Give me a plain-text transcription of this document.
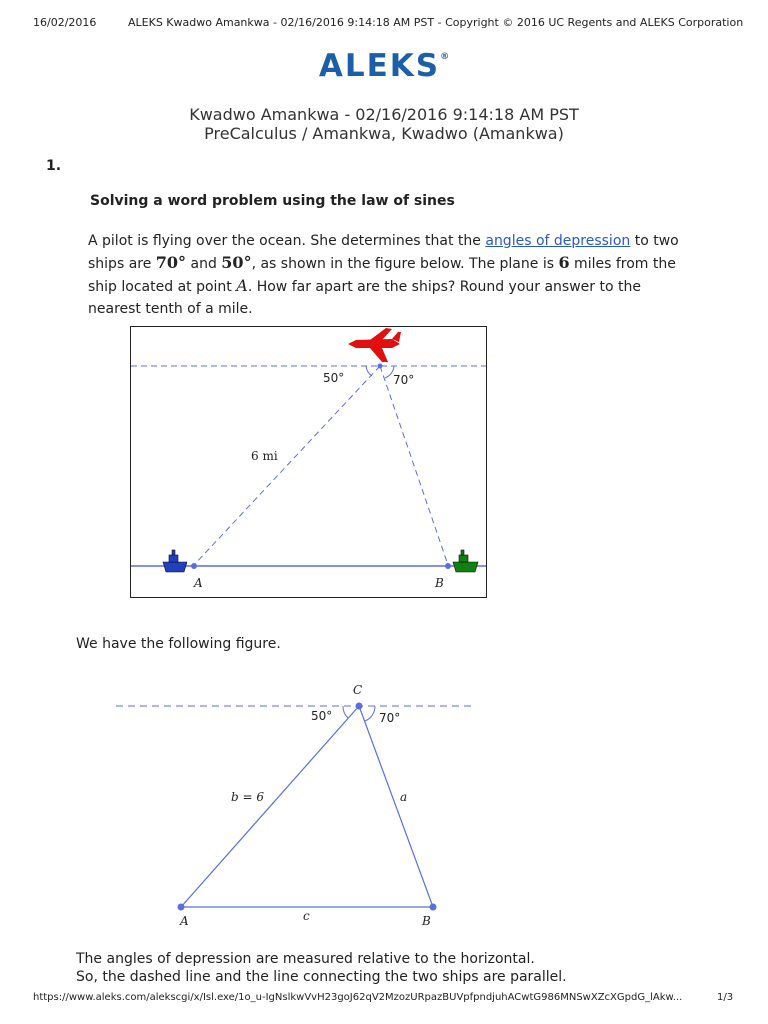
16/02/2016	ALEKS Kwadwo Amankwa - 02/16/2016 9:14:18 AM PST - Copyright © 2016 UC Regents and ALEKS Corporation
ALEKS®
Kwadwo Amankwa - 02/16/2016 9:14:18 AM PST
PreCalculus / Amankwa, Kwadwo (Amankwa)
1.
Solving a word problem using the law of sines
A pilot is flying over the ocean. She determines that the angles of depression to two
ships are 70° and 50°, as shown in the figure below. The plane is 6 miles from the
ship located at point A. How far apart are the ships? Round your answer to the
nearest tenth of a mile.
50°	70°
6 mi
A	B
We have the following figure.
C
50°	70°
b = 6	a
c
A	B
The angles of depression are measured relative to the horizontal.
So, the dashed line and the line connecting the two ships are parallel.
https://www.aleks.com/alekscgi/x/Isl.exe/1o_u-IgNslkwVvH23goJ62qV2MzozURpazBUVpfpndjuhACwtG986MNSwXZcXGpdG_lAkw...	1/3
